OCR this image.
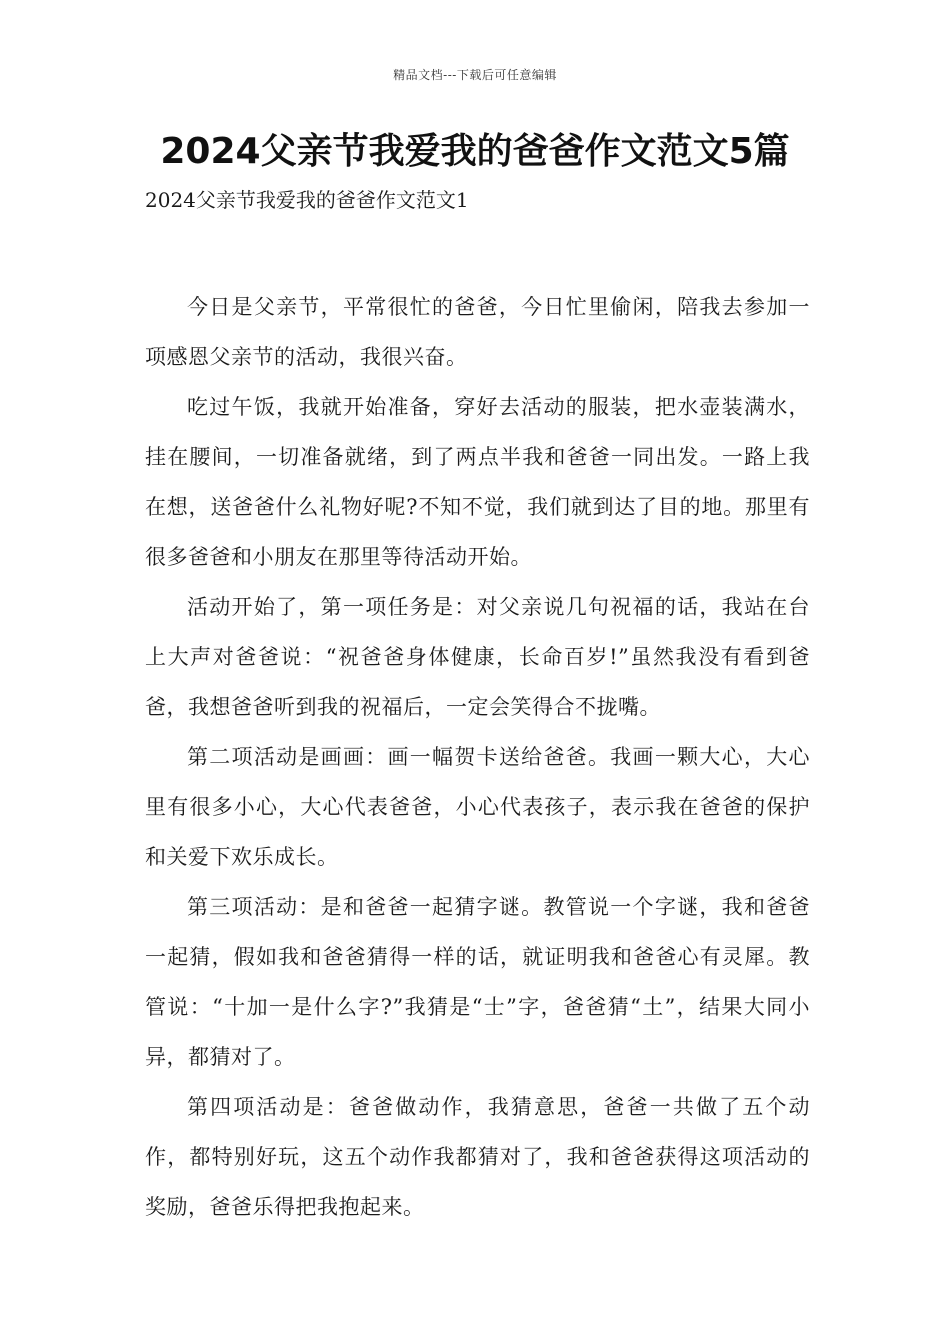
精品文档---下载后可任意编辑
2024父亲节我爱我的爸爸作文范文5篇
2024父亲节我爱我的爸爸作文范文1

今日是父亲节，平常很忙的爸爸，今日忙里偷闲，陪我去参加一项感恩父亲节的活动，我很兴奋。

吃过午饭，我就开始准备，穿好去活动的服装，把水壶装满水，挂在腰间，一切准备就绪，到了两点半我和爸爸一同出发。一路上我在想，送爸爸什么礼物好呢?不知不觉，我们就到达了目的地。那里有很多爸爸和小朋友在那里等待活动开始。

活动开始了，第一项任务是：对父亲说几句祝福的话，我站在台上大声对爸爸说：“祝爸爸身体健康，长命百岁!”虽然我没有看到爸爸，我想爸爸听到我的祝福后，一定会笑得合不拢嘴。

第二项活动是画画：画一幅贺卡送给爸爸。我画一颗大心，大心里有很多小心，大心代表爸爸，小心代表孩子，表示我在爸爸的保护和关爱下欢乐成长。

第三项活动：是和爸爸一起猜字谜。教管说一个字谜，我和爸爸一起猜，假如我和爸爸猜得一样的话，就证明我和爸爸心有灵犀。教管说：“十加一是什么字?”我猜是“士”字，爸爸猜“土”，结果大同小异，都猜对了。

第四项活动是：爸爸做动作，我猜意思，爸爸一共做了五个动作，都特别好玩，这五个动作我都猜对了，我和爸爸获得这项活动的奖励，爸爸乐得把我抱起来。
